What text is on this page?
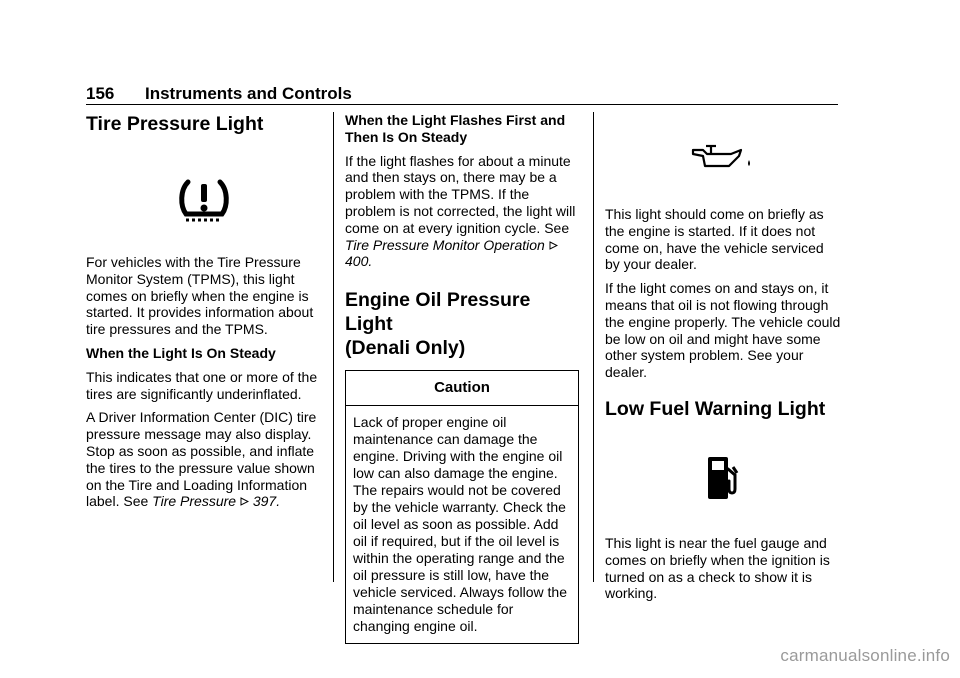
156 Instruments and Controls
Tire Pressure Light

For vehicles with the Tire Pressure Monitor System (TPMS), this light comes on briefly when the engine is started. It provides information about tire pressures and the TPMS.

When the Light Is On Steady

This indicates that one or more of the tires are significantly underinflated.

A Driver Information Center (DIC) tire pressure message may also display. Stop as soon as possible, and inflate the tires to the pressure value shown on the Tire and Loading Information label. See Tire Pressure 397.

When the Light Flashes First and Then Is On Steady

If the light flashes for about a minute and then stays on, there may be a problem with the TPMS. If the problem is not corrected, the light will come on at every ignition cycle. See Tire Pressure Monitor Operation  400.

Engine Oil Pressure Light
(Denali Only)
Caution
Lack of proper engine oil maintenance can damage the engine. Driving with the engine oil low can also damage the engine. The repairs would not be covered by the vehicle warranty. Check the oil level as soon as possible. Add oil if required, but if the oil level is within the operating range and the oil pressure is still low, have the vehicle serviced. Always follow the maintenance schedule for changing engine oil.

This light should come on briefly as the engine is started. If it does not come on, have the vehicle serviced by your dealer.

If the light comes on and stays on, it means that oil is not flowing through the engine properly. The vehicle could be low on oil and might have some other system problem. See your dealer.

Low Fuel Warning Light

This light is near the fuel gauge and comes on briefly when the ignition is turned on as a check to show it is working.

carmanualsonline.info
